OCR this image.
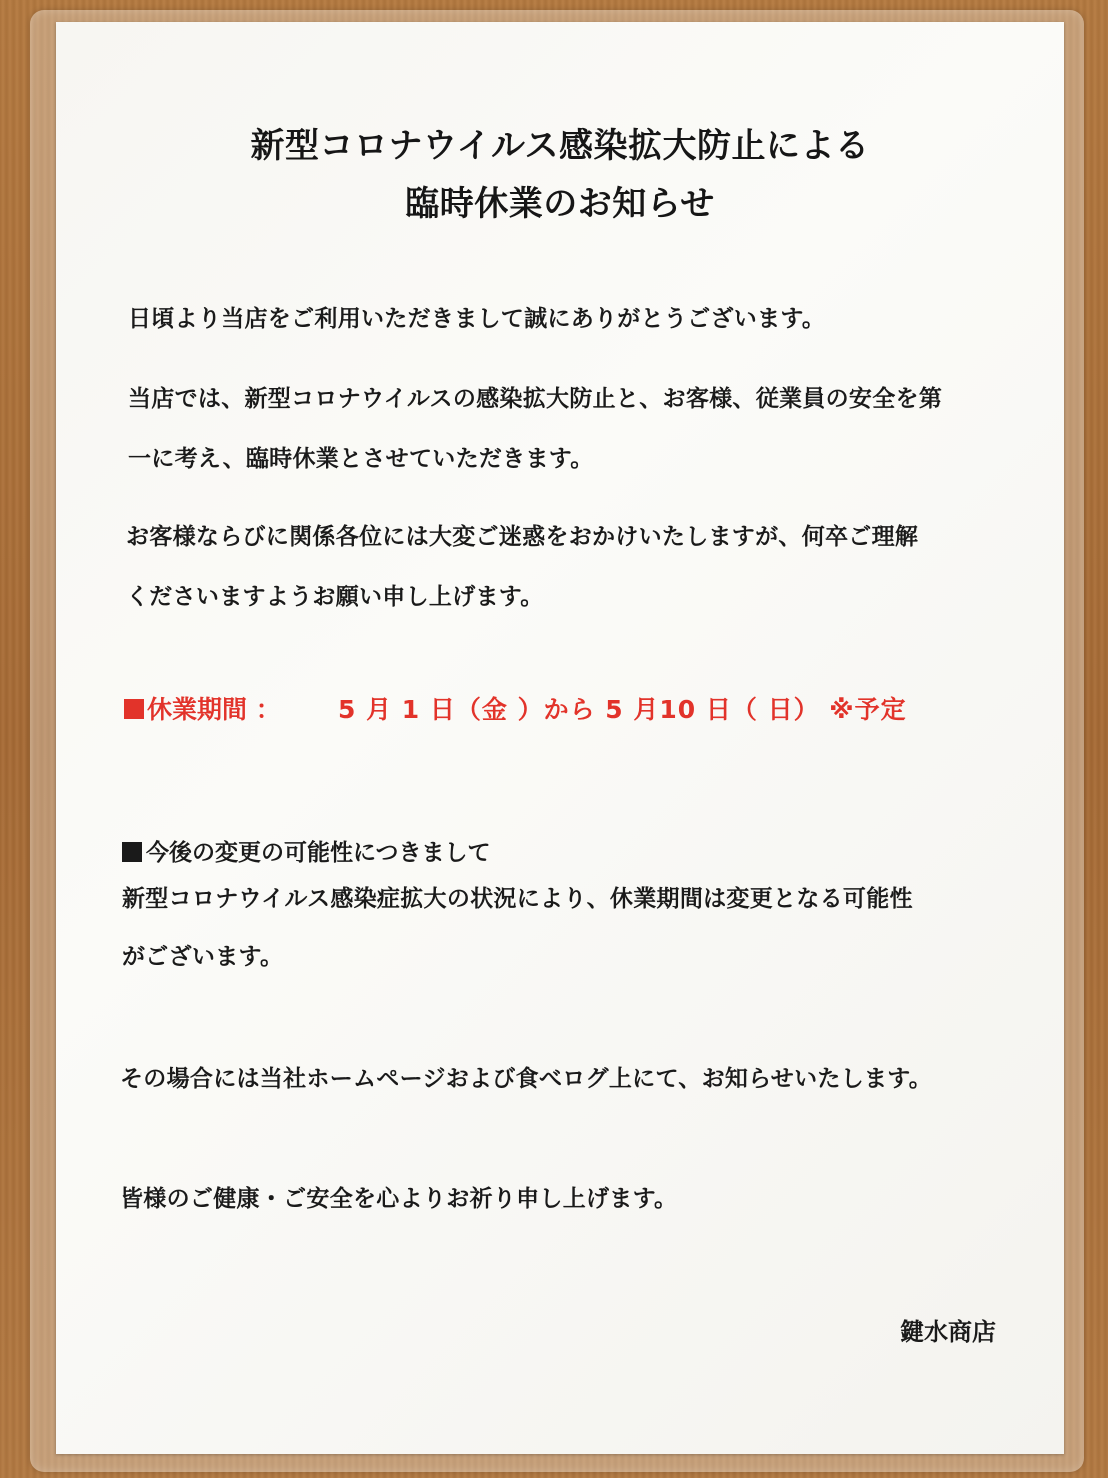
新型コロナウイルス感染拡大防止による
臨時休業のお知らせ
日頃より当店をご利用いただきまして誠にありがとうございます。
当店では、新型コロナウイルスの感染拡大防止と、お客様、従業員の安全を第
一に考え、臨時休業とさせていただきます。
お客様ならびに関係各位には大変ご迷惑をおかけいたしますが、何卒ご理解
くださいますようお願い申し上げます。
休業期間 ： 5 月 1 日（金 ）から 5 月10 日（ 日） ※予定
今後の変更の可能性につきまして
新型コロナウイルス感染症拡大の状況により、休業期間は変更となる可能性
がございます。
その場合には当社ホームページおよび食べログ上にて、お知らせいたします。
皆様のご健康・ご安全を心よりお祈り申し上げます。
鍵水商店
